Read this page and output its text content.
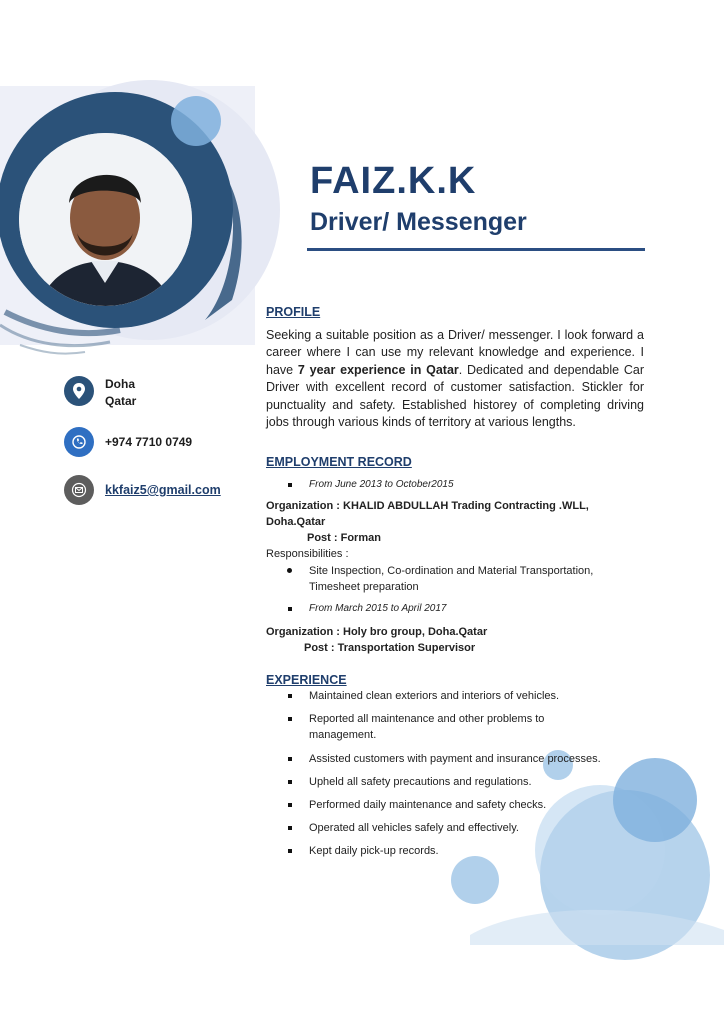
FAIZ.K.K
Driver/ Messenger
Doha
Qatar
+974 7710 0749
kkfaiz5@gmail.com
PROFILE
Seeking a suitable position as a Driver/ messenger. I look forward a career where I can use my relevant knowledge and experience. I have 7 year experience in Qatar. Dedicated and dependable Car Driver with excellent record of customer satisfaction. Stickler for punctuality and safety. Established historey of completing driving jobs through various kinds of territory at various lengths.
EMPLOYMENT RECORD
From June 2013 to October2015
Organization : KHALID ABDULLAH Trading Contracting .WLL,
Doha.Qatar
Post : Forman
Responsibilities :
Site Inspection, Co-ordination and Material Transportation,
Timesheet preparation
From March 2015 to April 2017
Organization : Holy bro group, Doha.Qatar
Post : Transportation Supervisor
EXPERIENCE
Maintained clean exteriors and interiors of vehicles.
Reported all maintenance and other problems to
management.
Assisted customers with payment and insurance processes.
Upheld all safety precautions and regulations.
Performed daily maintenance and safety checks.
Operated all vehicles safely and effectively.
Kept daily pick-up records.
